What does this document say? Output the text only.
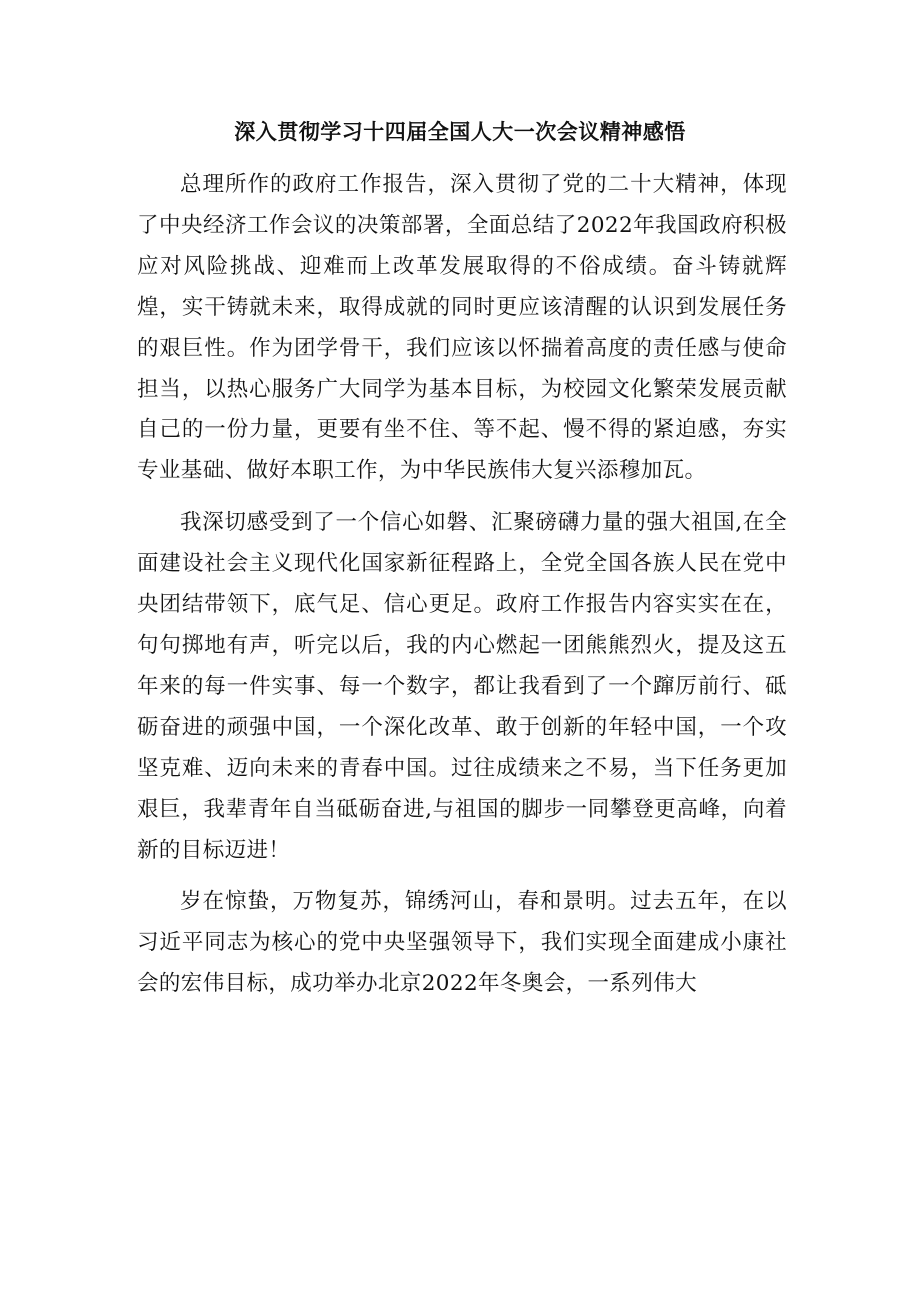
深入贯彻学习十四届全国人大一次会议精神感悟

总理所作的政府工作报告，深入贯彻了党的二十大精神，体现了中央经济工作会议的决策部署，全面总结了2022年我国政府积极应对风险挑战、迎难而上改革发展取得的不俗成绩。奋斗铸就辉煌，实干铸就未来，取得成就的同时更应该清醒的认识到发展任务的艰巨性。作为团学骨干，我们应该以怀揣着高度的责任感与使命担当，以热心服务广大同学为基本目标，为校园文化繁荣发展贡献自己的一份力量，更要有坐不住、等不起、慢不得的紧迫感，夯实专业基础、做好本职工作，为中华民族伟大复兴添穆加瓦。

我深切感受到了一个信心如磐、汇聚磅礴力量的强大祖国,在全面建设社会主义现代化国家新征程路上，全党全国各族人民在党中央团结带领下，底气足、信心更足。政府工作报告内容实实在在，句句掷地有声，听完以后，我的内心燃起一团熊熊烈火，提及这五年来的每一件实事、每一个数字，都让我看到了一个蹿厉前行、砥砺奋进的顽强中国，一个深化改革、敢于创新的年轻中国，一个攻坚克难、迈向未来的青春中国。过往成绩来之不易，当下任务更加艰巨，我辈青年自当砥砺奋进,与祖国的脚步一同攀登更高峰，向着新的目标迈进！

岁在惊蛰，万物复苏，锦绣河山，春和景明。过去五年，在以习近平同志为核心的党中央坚强领导下，我们实现全面建成小康社会的宏伟目标，成功举办北京2022年冬奥会，一系列伟大
